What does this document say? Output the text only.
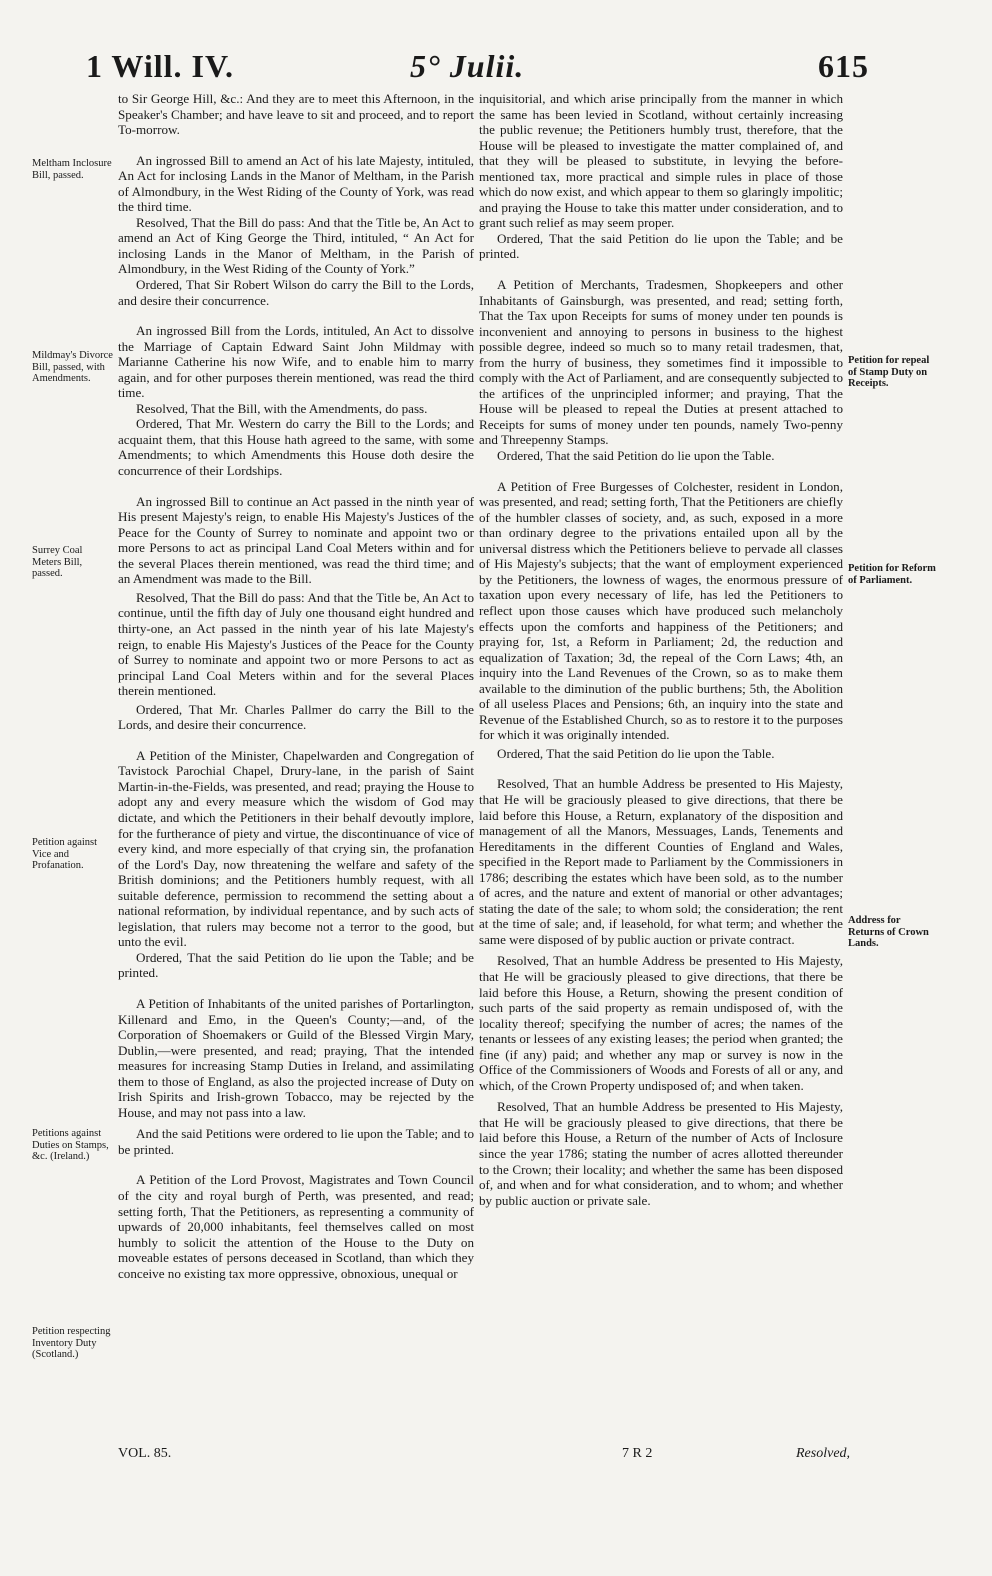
1 Will. IV.	5° Julii.	615
Meltham Inclosure Bill, passed.
Mildmay's Divorce Bill, passed, with Amendments.
Surrey Coal Meters Bill, passed.
Petition against Vice and Profanation.
Petitions against Duties on Stamps, &c. (Ireland.)
Petition respecting Inventory Duty (Scotland.)
Petition for repeal of Stamp Duty on Receipts.
Petition for Reform of Parliament.
Address for Returns of Crown Lands.

to Sir George Hill, &c.: And they are to meet this Afternoon, in the Speaker's Chamber; and have leave to sit and proceed, and to report To-morrow.

An ingrossed Bill to amend an Act of his late Majesty, intituled, An Act for inclosing Lands in the Manor of Meltham, in the Parish of Almondbury, in the West Riding of the County of York, was read the third time.

Resolved, That the Bill do pass: And that the Title be, An Act to amend an Act of King George the Third, intituled, “ An Act for inclosing Lands in the Manor of Meltham, in the Parish of Almondbury, in the West Riding of the County of York.”

Ordered, That Sir Robert Wilson do carry the Bill to the Lords, and desire their concurrence.

An ingrossed Bill from the Lords, intituled, An Act to dissolve the Marriage of Captain Edward Saint John Mildmay with Marianne Catherine his now Wife, and to enable him to marry again, and for other purposes therein mentioned, was read the third time.

Resolved, That the Bill, with the Amendments, do pass.

Ordered, That Mr. Western do carry the Bill to the Lords; and acquaint them, that this House hath agreed to the same, with some Amendments; to which Amendments this House doth desire the concurrence of their Lordships.

An ingrossed Bill to continue an Act passed in the ninth year of His present Majesty's reign, to enable His Majesty's Justices of the Peace for the County of Surrey to nominate and appoint two or more Persons to act as principal Land Coal Meters within and for the several Places therein mentioned, was read the third time; and an Amendment was made to the Bill.

Resolved, That the Bill do pass: And that the Title be, An Act to continue, until the fifth day of July one thousand eight hundred and thirty-one, an Act passed in the ninth year of his late Majesty's reign, to enable His Majesty's Justices of the Peace for the County of Surrey to nominate and appoint two or more Persons to act as principal Land Coal Meters within and for the several Places therein mentioned.

Ordered, That Mr. Charles Pallmer do carry the Bill to the Lords, and desire their concurrence.

A Petition of the Minister, Chapelwarden and Congregation of Tavistock Parochial Chapel, Drury-lane, in the parish of Saint Martin-in-the-Fields, was presented, and read; praying the House to adopt any and every measure which the wisdom of God may dictate, and which the Petitioners in their behalf devoutly implore, for the furtherance of piety and virtue, the discontinuance of vice of every kind, and more especially of that crying sin, the profanation of the Lord's Day, now threatening the welfare and safety of the British dominions; and the Petitioners humbly request, with all suitable deference, permission to recommend the setting about a national reformation, by individual repentance, and by such acts of legislation, that rulers may become not a terror to the good, but unto the evil.

Ordered, That the said Petition do lie upon the Table; and be printed.

A Petition of Inhabitants of the united parishes of Portarlington, Killenard and Emo, in the Queen's County;—and, of the Corporation of Shoemakers or Guild of the Blessed Virgin Mary, Dublin,—were presented, and read; praying, That the intended measures for increasing Stamp Duties in Ireland, and assimilating them to those of England, as also the projected increase of Duty on Irish Spirits and Irish-grown Tobacco, may be rejected by the House, and may not pass into a law.

And the said Petitions were ordered to lie upon the Table; and to be printed.

A Petition of the Lord Provost, Magistrates and Town Council of the city and royal burgh of Perth, was presented, and read; setting forth, That the Petitioners, as representing a community of upwards of 20,000 inhabitants, feel themselves called on most humbly to solicit the attention of the House to the Duty on moveable estates of persons deceased in Scotland, than which they conceive no existing tax more oppressive, obnoxious, unequal or

inquisitorial, and which arise principally from the manner in which the same has been levied in Scotland, without certainly increasing the public revenue; the Petitioners humbly trust, therefore, that the House will be pleased to investigate the matter complained of, and that they will be pleased to substitute, in levying the before-mentioned tax, more practical and simple rules in place of those which do now exist, and which appear to them so glaringly impolitic; and praying the House to take this matter under consideration, and to grant such relief as may seem proper.

Ordered, That the said Petition do lie upon the Table; and be printed.

A Petition of Merchants, Tradesmen, Shopkeepers and other Inhabitants of Gainsburgh, was presented, and read; setting forth, That the Tax upon Receipts for sums of money under ten pounds is inconvenient and annoying to persons in business to the highest possible degree, indeed so much so to many retail tradesmen, that, from the hurry of business, they sometimes find it impossible to comply with the Act of Parliament, and are consequently subjected to the artifices of the unprincipled informer; and praying, That the House will be pleased to repeal the Duties at present attached to Receipts for sums of money under ten pounds, namely Two-penny and Threepenny Stamps.

Ordered, That the said Petition do lie upon the Table.

A Petition of Free Burgesses of Colchester, resident in London, was presented, and read; setting forth, That the Petitioners are chiefly of the humbler classes of society, and, as such, exposed in a more than ordinary degree to the privations entailed upon all by the universal distress which the Petitioners believe to pervade all classes of His Majesty's subjects; that the want of employment experienced by the Petitioners, the lowness of wages, the enormous pressure of taxation upon every necessary of life, has led the Petitioners to reflect upon those causes which have produced such melancholy effects upon the comforts and happiness of the Petitioners; and praying for, 1st, a Reform in Parliament; 2d, the reduction and equalization of Taxation; 3d, the repeal of the Corn Laws; 4th, an inquiry into the Land Revenues of the Crown, so as to make them available to the diminution of the public burthens; 5th, the Abolition of all useless Places and Pensions; 6th, an inquiry into the state and Revenue of the Established Church, so as to restore it to the purposes for which it was originally intended.

Ordered, That the said Petition do lie upon the Table.

Resolved, That an humble Address be presented to His Majesty, that He will be graciously pleased to give directions, that there be laid before this House, a Return, explanatory of the disposition and management of all the Manors, Messuages, Lands, Tenements and Hereditaments in the different Counties of England and Wales, specified in the Report made to Parliament by the Commissioners in 1786; describing the estates which have been sold, as to the number of acres, and the nature and extent of manorial or other advantages; stating the date of the sale; to whom sold; the consideration; the rent at the time of sale; and, if leasehold, for what term; and whether the same were disposed of by public auction or private contract.

Resolved, That an humble Address be presented to His Majesty, that He will be graciously pleased to give directions, that there be laid before this House, a Return, showing the present condition of such parts of the said property as remain undisposed of, with the locality thereof; specifying the number of acres; the names of the tenants or lessees of any existing leases; the period when granted; the fine (if any) paid; and whether any map or survey is now in the Office of the Commissioners of Woods and Forests of all or any, and which, of the Crown Property undisposed of; and when taken.

Resolved, That an humble Address be presented to His Majesty, that He will be graciously pleased to give directions, that there be laid before this House, a Return of the number of Acts of Inclosure since the year 1786; stating the number of acres allotted thereunder to the Crown; their locality; and whether the same has been disposed of, and when and for what consideration, and to whom; and whether by public auction or private sale.

VOL. 85.	7 R 2	Resolved,
